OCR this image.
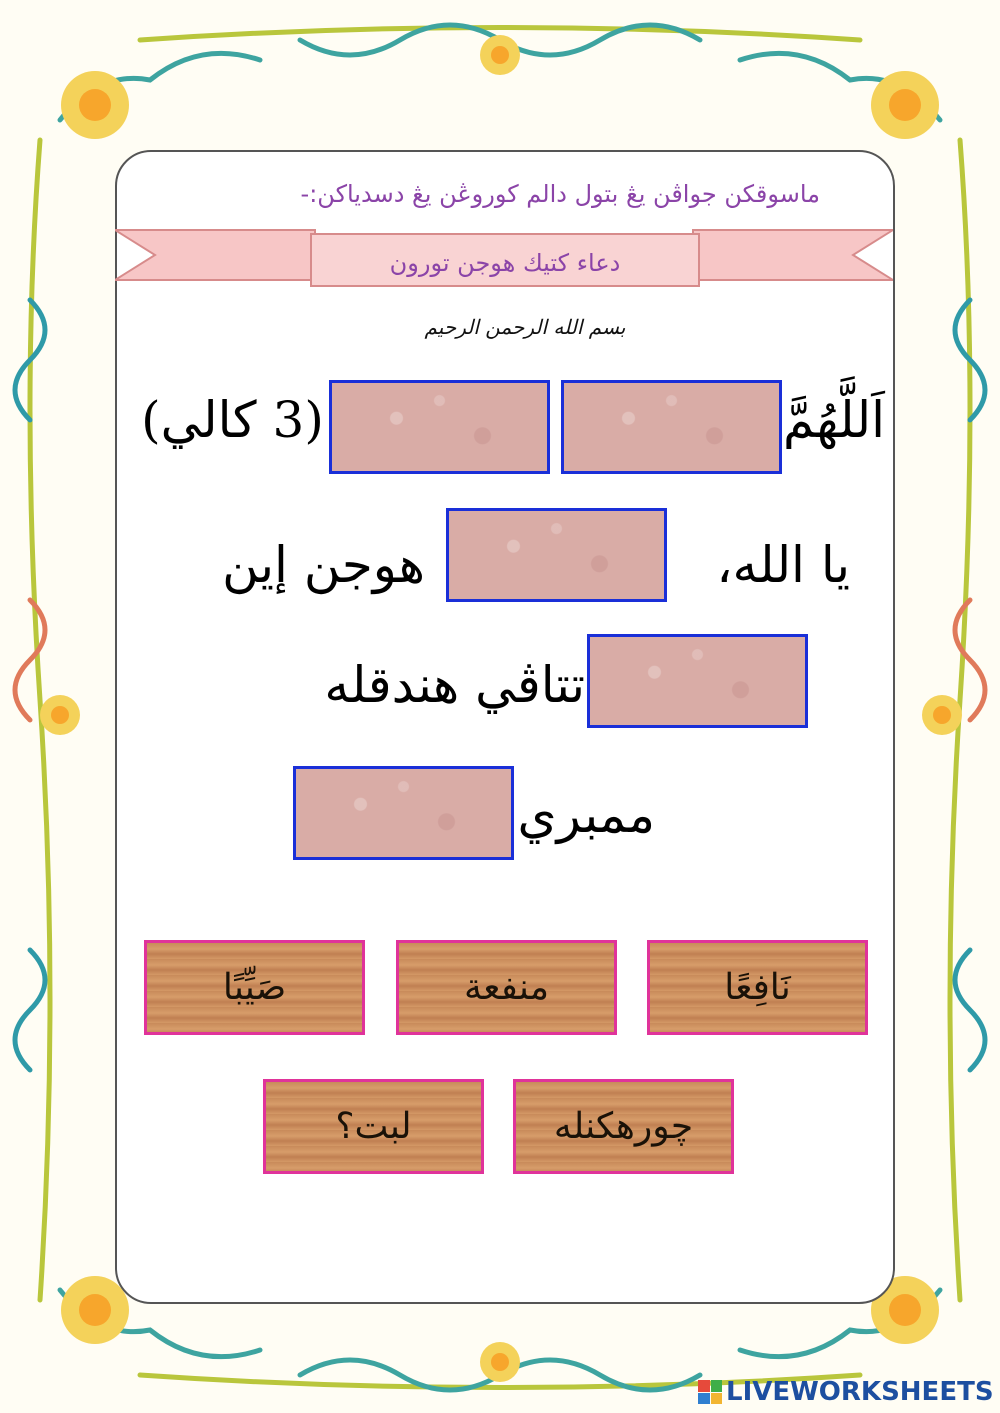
ماسوقكن جواڤن يڠ بتول دالم كوروڠن يڠ دسدياكن:-
دعاء كتيك هوجن تورون
بسم الله الرحمن الرحيم
اَللَّهُمَّ
(3 كالي)
يا الله،
هوجن إين
تتاڤي هندقله
ممبري
نَافِعًا
منفعة
صَيِّبًا
چورهكنله
لبت؟
LIVEWORKSHEETS
